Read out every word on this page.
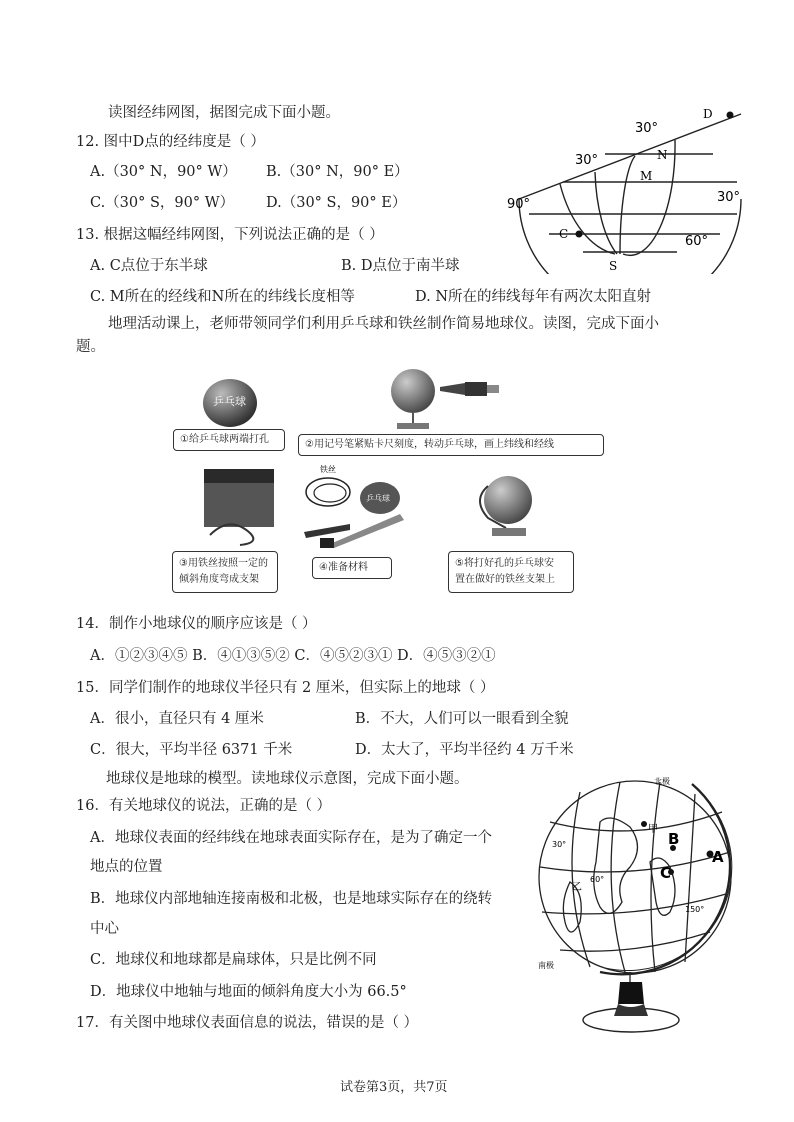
读图经纬网图，据图完成下面小题。
12. 图中D点的经纬度是（ ）
A.（30° N，90° W） B.（30° N，90° E）
C.（30° S，90° W） D.（30° S，90° E）
13. 根据这幅经纬网图，下列说法正确的是（ ）
A. C点位于东半球	B. D点位于南半球
C. M所在的经线和N所在的纬线长度相等	D. N所在的纬线每年有两次太阳直射
30°
30°
90°	30°
60°
D
N
M
C
S
地理活动课上，老师带领同学们利用乒乓球和铁丝制作简易地球仪。读图，完成下面小
题。
乒乓球
①给乒乓球两端打孔	②用记号笔紧贴卡尺刻度，转动乒乓球，画上纬线和经线
铁丝
乒乓球
③用铁丝按照一定的
倾斜角度弯成支架
④准备材料	⑤将打好孔的乒乓球安
置在做好的铁丝支架上
14．制作小地球仪的顺序应该是（ ）
A．①②③④⑤ B．④①③⑤② C．④⑤②③① D．④⑤③②①
15．同学们制作的地球仪半径只有 2 厘米，但实际上的地球（ ）
A．很小，直径只有 4 厘米	B．不大，人们可以一眼看到全貌
C．很大，平均半径 6371 千米	D．太大了，平均半径约 4 万千米
地球仪是地球的模型。读地球仪示意图，完成下面小题。
16．有关地球仪的说法，正确的是（ ）
A．地球仪表面的经纬线在地球表面实际存在，是为了确定一个
地点的位置
B．地球仪内部地轴连接南极和北极，也是地球实际存在的绕转
中心
C．地球仪和地球都是扁球体，只是比例不同
D．地球仪中地轴与地面的倾斜角度大小为 66.5°
17．有关图中地球仪表面信息的说法，错误的是（ ）
北极
南极
A
B
C
甲
乙
30°
60°
150°
试卷第3页，共7页
